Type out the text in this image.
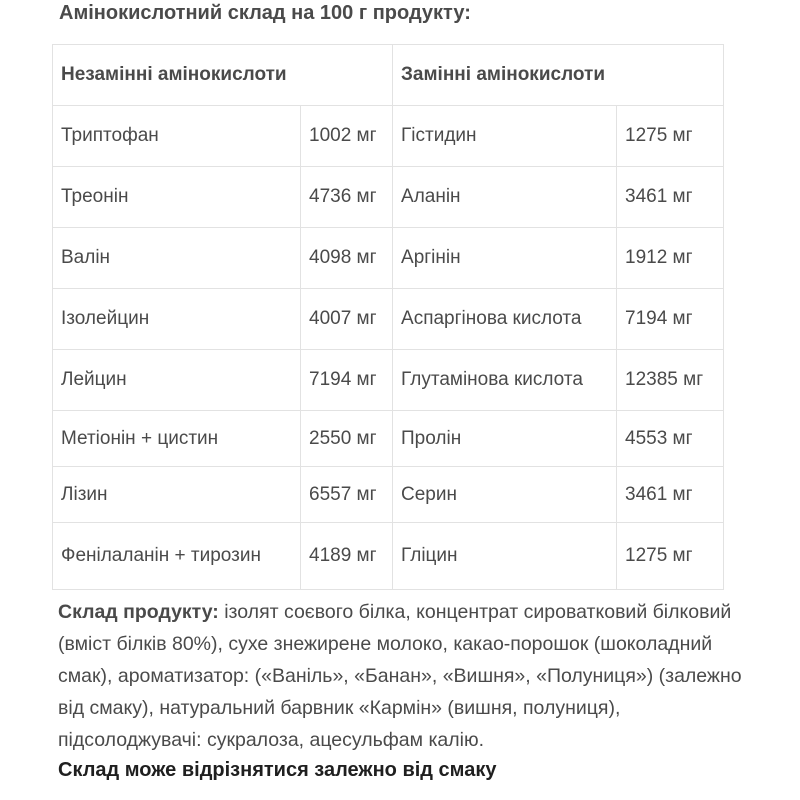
Амінокислотний склад на 100 г продукту:
Незамінні амінокислоти		Замінні амінокислоти	
Триптофан	1002 мг	Гістидин	1275 мг
Треонін	4736 мг	Аланін	3461 мг
Валін	4098 мг	Аргінін	1912 мг
Ізолейцин	4007 мг	Аспаргінова кислота	7194 мг
Лейцин	7194 мг	Глутамінова кислота	12385 мг
Метіонін + цистин	2550 мг	Пролін	4553 мг
Лізин	6557 мг	Серин	3461 мг
Фенілаланін + тирозин	4189 мг	Гліцин	1275 мг

Склад продукту: ізолят соєвого білка, концентрат сироватковий білковий (вміст білків 80%), сухе знежирене молоко, какао-порошок (шоколадний смак), ароматизатор: («Ваніль», «Банан», «Вишня», «Полуниця») (залежно від смаку), натуральний барвник «Кармін» (вишня, полуниця), підсолоджувачі: сукралоза, ацесульфам калію.

Склад може відрізнятися залежно від смаку
